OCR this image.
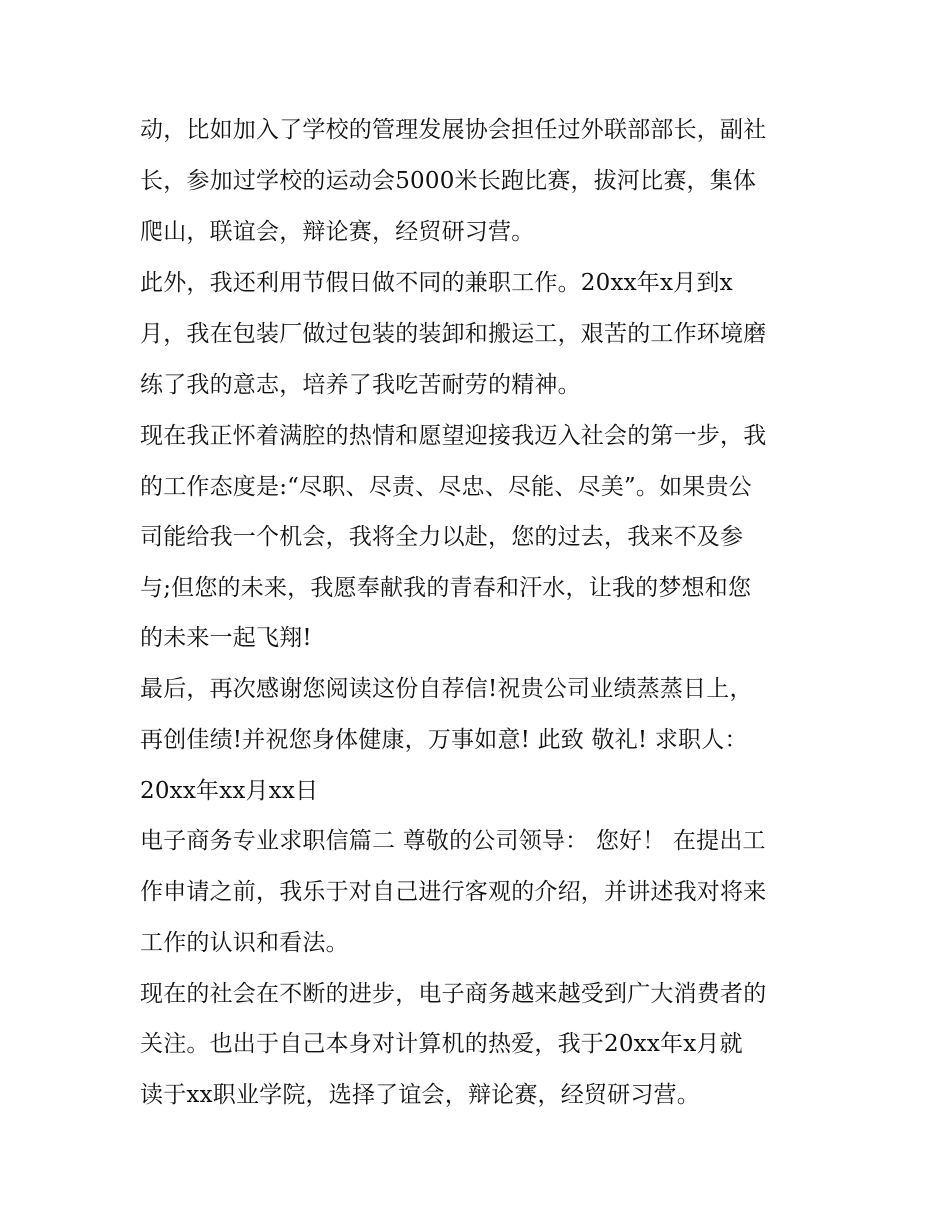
动，比如加入了学校的管理发展协会担任过外联部部长，副社
长，参加过学校的运动会5000米长跑比赛，拔河比赛，集体
爬山，联谊会，辩论赛，经贸研习营。
此外，我还利用节假日做不同的兼职工作。20xx年x月到x
月，我在包装厂做过包装的装卸和搬运工，艰苦的工作环境磨
练了我的意志，培养了我吃苦耐劳的精神。
现在我正怀着满腔的热情和愿望迎接我迈入社会的第一步，我
的工作态度是:“尽职、尽责、尽忠、尽能、尽美”。如果贵公
司能给我一个机会，我将全力以赴，您的过去，我来不及参
与;但您的未来，我愿奉献我的青春和汗水，让我的梦想和您
的未来一起飞翔!
最后，再次感谢您阅读这份自荐信!祝贵公司业绩蒸蒸日上，
再创佳绩!并祝您身体健康，万事如意! 此致 敬礼! 求职人：
20xx年xx月xx日
电子商务专业求职信篇二 尊敬的公司领导： 您好！ 在提出工
作申请之前，我乐于对自己进行客观的介绍，并讲述我对将来
工作的认识和看法。
现在的社会在不断的进步，电子商务越来越受到广大消费者的
关注。也出于自己本身对计算机的热爱，我于20xx年x月就
读于xx职业学院，选择了谊会，辩论赛，经贸研习营。
